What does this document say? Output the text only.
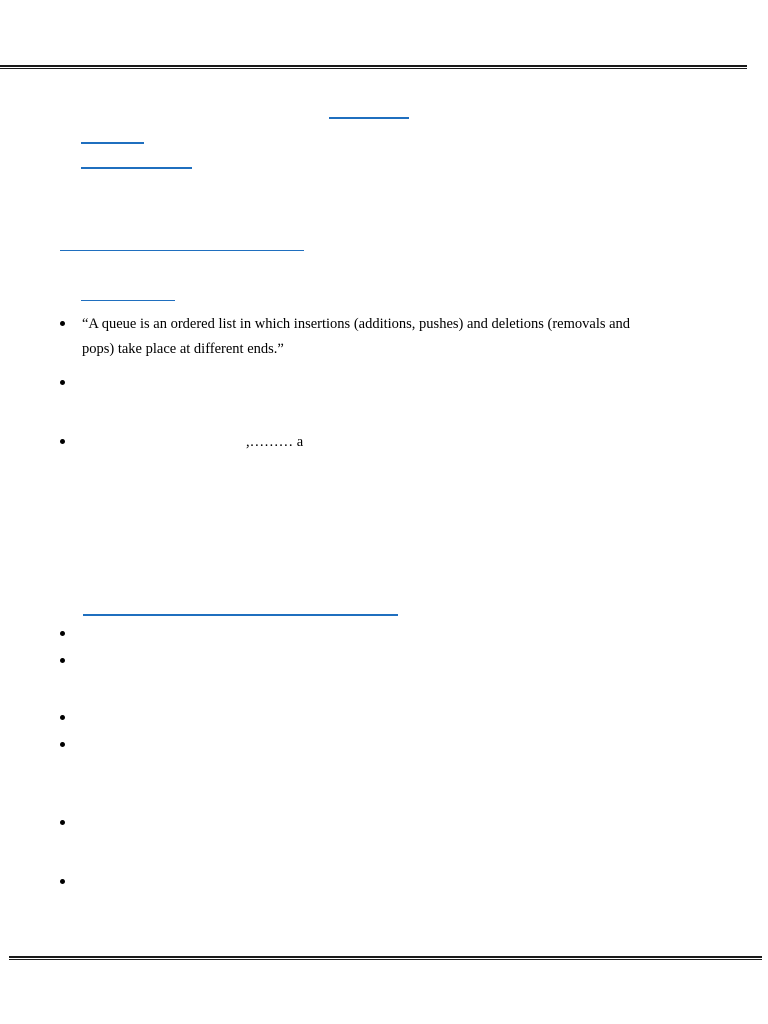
“A queue is an ordered list in which insertions (additions, pushes) and deletions (removals and
pops) take place at different ends.”
,……… a
